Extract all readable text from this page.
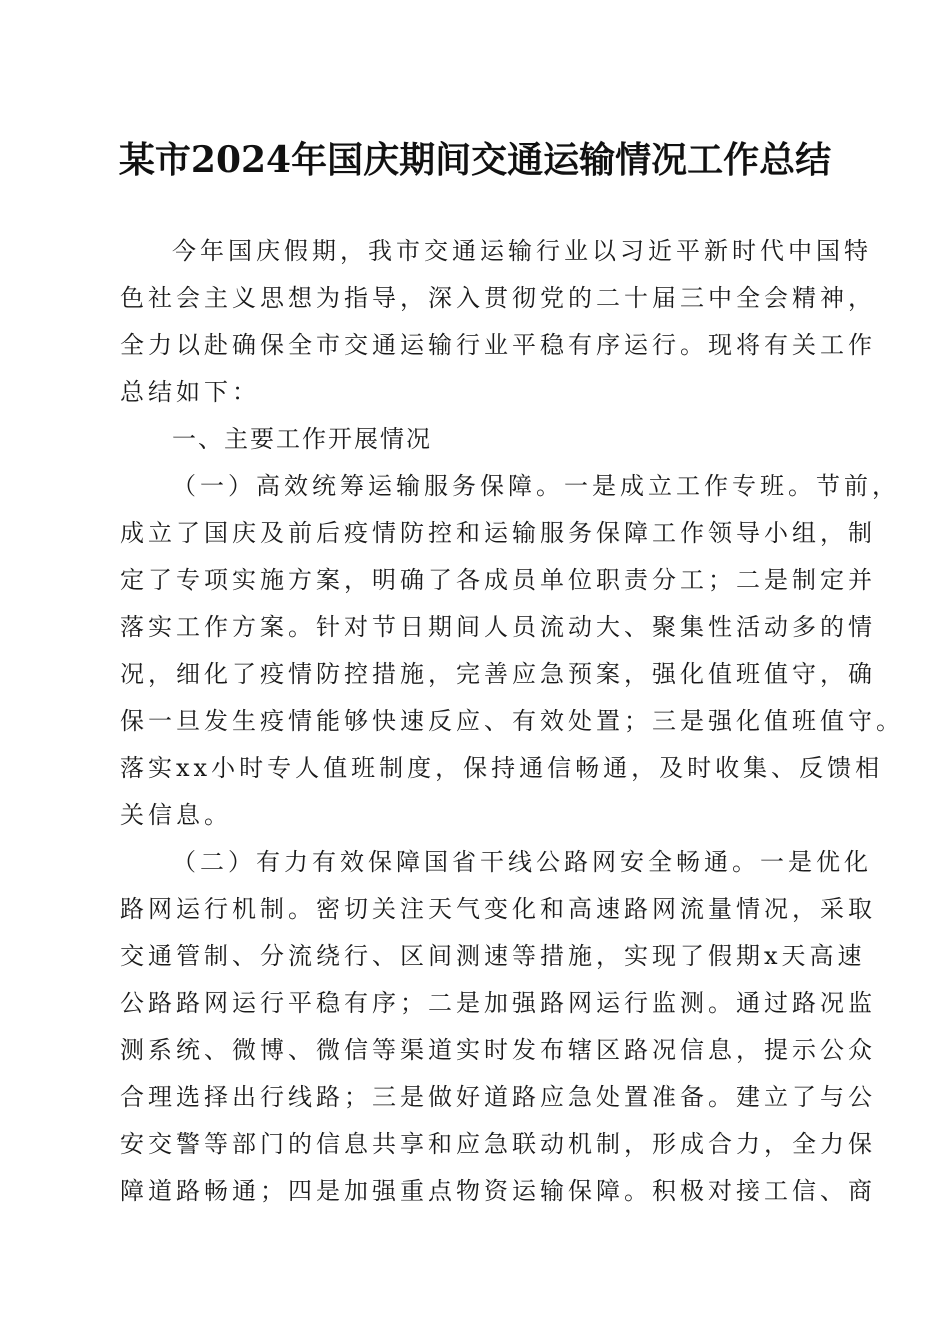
某市2024年国庆期间交通运输情况工作总结
今年国庆假期，我市交通运输行业以习近平新时代中国特
色社会主义思想为指导，深入贯彻党的二十届三中全会精神，
全力以赴确保全市交通运输行业平稳有序运行。现将有关工作
总结如下：
一、主要工作开展情况
（一）高效统筹运输服务保障。一是成立工作专班。节前，
成立了国庆及前后疫情防控和运输服务保障工作领导小组，制
定了专项实施方案，明确了各成员单位职责分工；二是制定并
落实工作方案。针对节日期间人员流动大、聚集性活动多的情
况，细化了疫情防控措施，完善应急预案，强化值班值守，确
保一旦发生疫情能够快速反应、有效处置；三是强化值班值守。
落实xx小时专人值班制度，保持通信畅通，及时收集、反馈相
关信息。
（二）有力有效保障国省干线公路网安全畅通。一是优化
路网运行机制。密切关注天气变化和高速路网流量情况，采取
交通管制、分流绕行、区间测速等措施，实现了假期x天高速
公路路网运行平稳有序；二是加强路网运行监测。通过路况监
测系统、微博、微信等渠道实时发布辖区路况信息，提示公众
合理选择出行线路；三是做好道路应急处置准备。建立了与公
安交警等部门的信息共享和应急联动机制，形成合力，全力保
障道路畅通；四是加强重点物资运输保障。积极对接工信、商
